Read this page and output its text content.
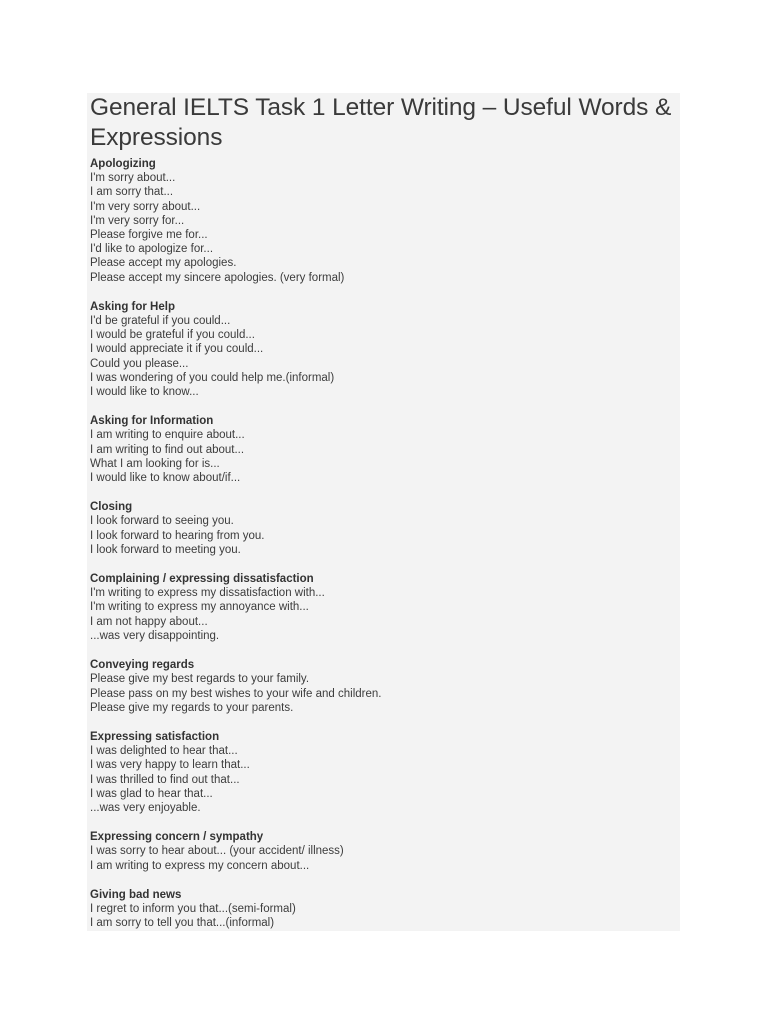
General IELTS Task 1 Letter Writing – Useful Words & Expressions
Apologizing
I'm sorry about...
I am sorry that...
I'm very sorry about...
I'm very sorry for...
Please forgive me for...
I'd like to apologize for...
Please accept my apologies.
Please accept my sincere apologies. (very formal)
Asking for Help
I'd be grateful if you could...
I would be grateful if you could...
I would appreciate it if you could...
Could you please...
I was wondering of you could help me.(informal)
I would like to know...
Asking for Information
I am writing to enquire about...
I am writing to find out about...
What I am looking for is...
I would like to know about/if...
Closing
I look forward to seeing you.
I look forward to hearing from you.
I look forward to meeting you.
Complaining / expressing dissatisfaction
I'm writing to express my dissatisfaction with...
I'm writing to express my annoyance with...
I am not happy about...
...was very disappointing.
Conveying regards
Please give my best regards to your family.
Please pass on my best wishes to your wife and children.
Please give my regards to your parents.
Expressing satisfaction
I was delighted to hear that...
I was very happy to learn that...
I was thrilled to find out that...
I was glad to hear that...
...was very enjoyable.
Expressing concern / sympathy
I was sorry to hear about... (your accident/ illness)
I am writing to express my concern about...
Giving bad news
I regret to inform you that...(semi-formal)
I am sorry to tell you that...(informal)
